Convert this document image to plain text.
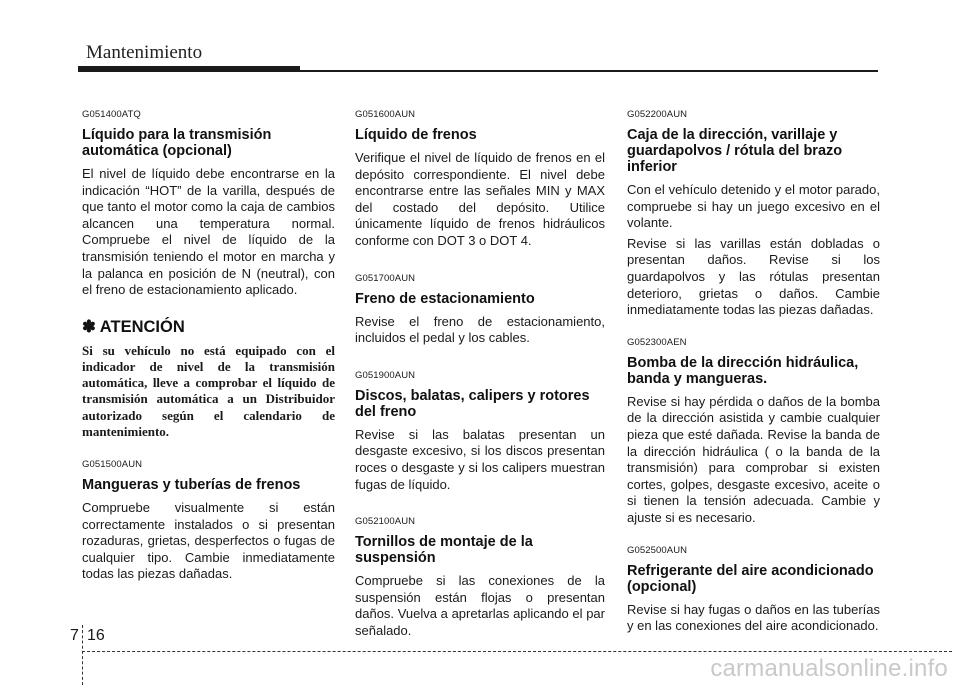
Mantenimiento
G051400ATQ
Líquido para la transmisión automática (opcional)

El nivel de líquido debe encontrarse en la indicación “HOT” de la varilla, después de que tanto el motor como la caja de cambios alcancen una temperatura normal. Compruebe el nivel de líquido de la transmisión teniendo el motor en marcha y la palanca en posición de N (neutral), con el freno de estacionamiento aplicado.

✽ ATENCIÓN

Si su vehículo no está equipado con el indicador de nivel de la transmisión automática, lleve a comprobar el líquido de transmisión automática a un Distribuidor autorizado según el calendario de mantenimiento.

G051500AUN
Mangueras y tuberías de frenos

Compruebe visualmente si están correctamente instalados o si presentan rozaduras, grietas, desperfectos o fugas de cualquier tipo. Cambie inmediatamente todas las piezas dañadas.

G051600AUN
Líquido de frenos

Verifique el nivel de líquido de frenos en el depósito correspondiente. El nivel debe encontrarse entre las señales MIN y MAX del costado del depósito. Utilice únicamente líquido de frenos hidráulicos conforme con DOT 3 o DOT 4.

G051700AUN
Freno de estacionamiento

Revise el freno de estacionamiento, incluidos el pedal y los cables.

G051900AUN
Discos, balatas, calipers y rotores del freno

Revise si las balatas presentan un desgaste excesivo, si los discos presentan roces o desgaste y si los calipers muestran fugas de líquido.

G052100AUN
Tornillos de montaje de la suspensión

Compruebe si las conexiones de la suspensión están flojas o presentan daños. Vuelva a apretarlas aplicando el par señalado.

G052200AUN
Caja de la dirección, varillaje y guardapolvos / rótula del brazo inferior

Con el vehículo detenido y el motor parado, compruebe si hay un juego excesivo en el volante.

Revise si las varillas están dobladas o presentan daños. Revise si los guardapolvos y las rótulas presentan deterioro, grietas o daños. Cambie inmediatamente todas las piezas dañadas.

G052300AEN
Bomba de la dirección hidráulica, banda y mangueras.

Revise si hay pérdida o daños de la bomba de la dirección asistida y cambie cualquier pieza que esté dañada. Revise la banda de la dirección hidráulica ( o la banda de la transmisión) para comprobar si existen cortes, golpes, desgaste excesivo, aceite o si tienen la tensión adecuada. Cambie y ajuste si es necesario.

G052500AUN
Refrigerante del aire acondicionado (opcional)

Revise si hay fugas o daños en las tuberías y en las conexiones del aire acondicionado.

7 16
carmanualsonline.info
